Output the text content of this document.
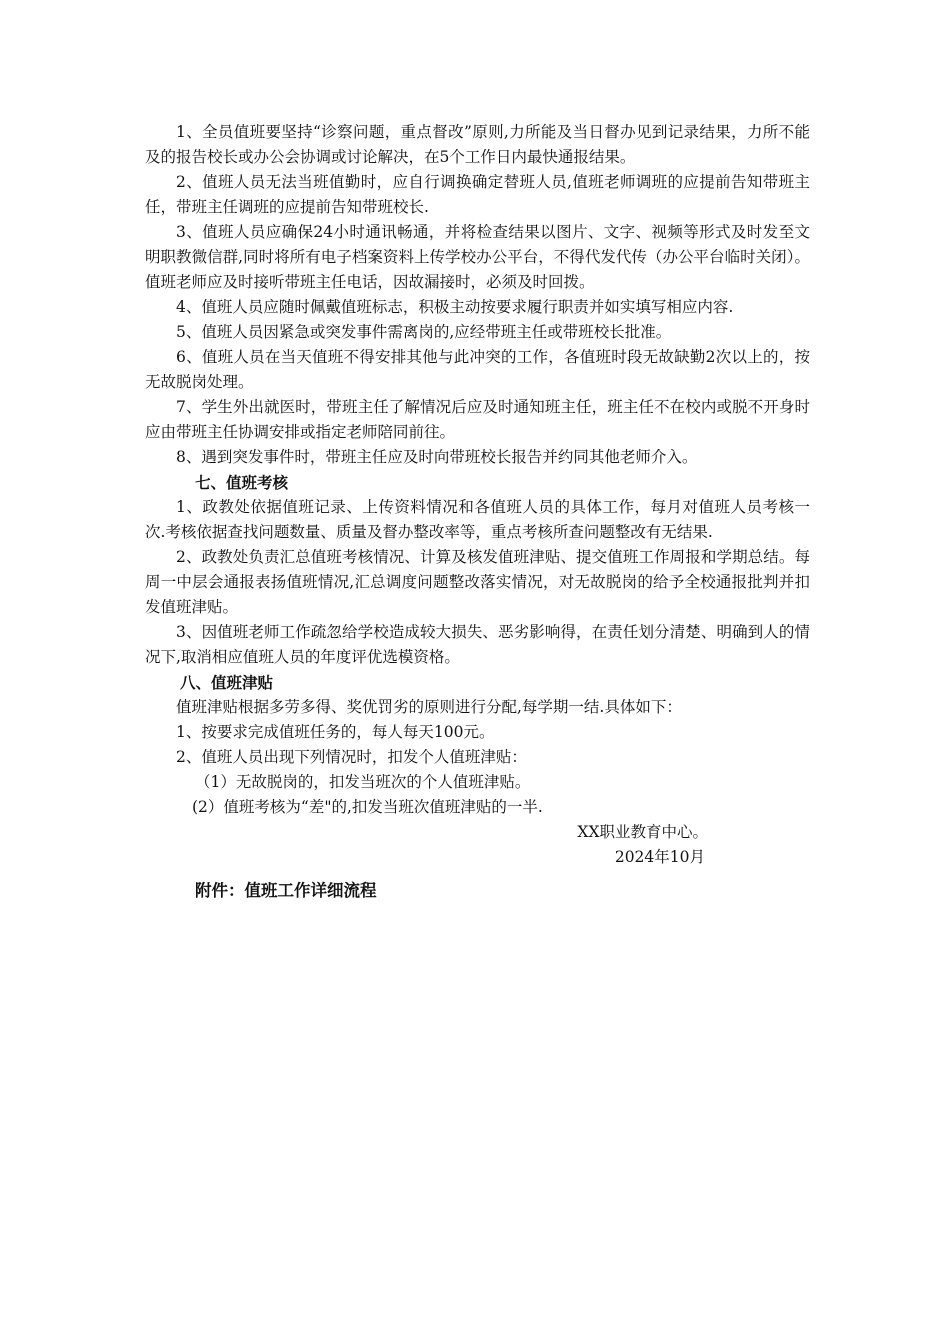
1、全员值班要坚持“诊察问题，重点督改”原则,力所能及当日督办见到记录结果，力所不能及的报告校长或办公会协调或讨论解决，在5个工作日内最快通报结果。

2、值班人员无法当班值勤时，应自行调换确定替班人员,值班老师调班的应提前告知带班主任，带班主任调班的应提前告知带班校长.

3、值班人员应确保24小时通讯畅通，并将检查结果以图片、文字、视频等形式及时发至文明职教微信群,同时将所有电子档案资料上传学校办公平台，不得代发代传（办公平台临时关闭）。值班老师应及时接听带班主任电话，因故漏接时，必须及时回拨。

4、值班人员应随时佩戴值班标志，积极主动按要求履行职责并如实填写相应内容.

5、值班人员因紧急或突发事件需离岗的,应经带班主任或带班校长批准。

6、值班人员在当天值班不得安排其他与此冲突的工作，各值班时段无故缺勤2次以上的，按无故脱岗处理。

7、学生外出就医时，带班主任了解情况后应及时通知班主任，班主任不在校内或脱不开身时应由带班主任协调安排或指定老师陪同前往。

8、遇到突发事件时，带班主任应及时向带班校长报告并约同其他老师介入。

七、值班考核

1、政教处依据值班记录、上传资料情况和各值班人员的具体工作，每月对值班人员考核一次.考核依据查找问题数量、质量及督办整改率等，重点考核所查问题整改有无结果.

2、政教处负责汇总值班考核情况、计算及核发值班津贴、提交值班工作周报和学期总结。每周一中层会通报表扬值班情况,汇总调度问题整改落实情况，对无故脱岗的给予全校通报批判并扣发值班津贴。

3、因值班老师工作疏忽给学校造成较大损失、恶劣影响得，在责任划分清楚、明确到人的情况下,取消相应值班人员的年度评优选模资格。

八、值班津贴

值班津贴根据多劳多得、奖优罚劣的原则进行分配,每学期一结.具体如下：

1、按要求完成值班任务的，每人每天100元。

2、值班人员出现下列情况时，扣发个人值班津贴：

（1）无故脱岗的，扣发当班次的个人值班津贴。

(2）值班考核为“差"的,扣发当班次值班津贴的一半.

XX职业教育中心。

2024年10月

附件：值班工作详细流程
